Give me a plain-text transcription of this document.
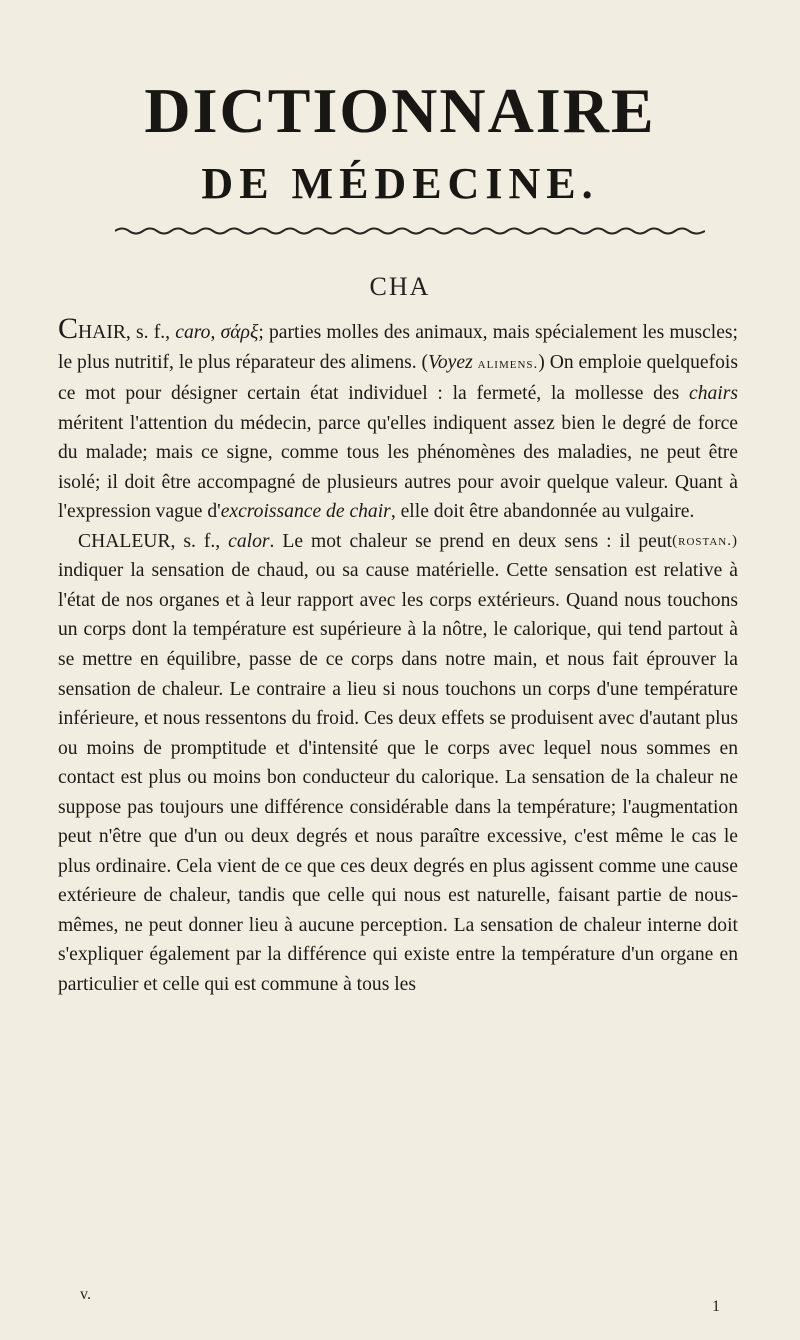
DICTIONNAIRE
DE MÉDECINE.
CHA

CHAIR, s. f., caro, σάρξ; parties molles des animaux, mais spécialement les muscles; le plus nutritif, le plus réparateur des alimens. (Voyez alimens.) On emploie quelquefois ce mot pour désigner certain état individuel : la fermeté, la mollesse des chairs méritent l'attention du médecin, parce qu'elles indiquent assez bien le degré de force du malade; mais ce signe, comme tous les phénomènes des maladies, ne peut être isolé; il doit être accompagné de plusieurs autres pour avoir quelque valeur. Quant à l'expression vague d'excroissance de chair, elle doit être abandonnée au vulgaire.
(rostan.)

CHALEUR, s. f., calor. Le mot chaleur se prend en deux sens : il peut indiquer la sensation de chaud, ou sa cause matérielle. Cette sensation est relative à l'état de nos organes et à leur rapport avec les corps extérieurs. Quand nous touchons un corps dont la température est supérieure à la nôtre, le calorique, qui tend partout à se mettre en équilibre, passe de ce corps dans notre main, et nous fait éprouver la sensation de chaleur. Le contraire a lieu si nous touchons un corps d'une température inférieure, et nous ressentons du froid. Ces deux effets se produisent avec d'autant plus ou moins de promptitude et d'intensité que le corps avec lequel nous sommes en contact est plus ou moins bon conducteur du calorique. La sensation de la chaleur ne suppose pas toujours une différence considérable dans la température; l'augmentation peut n'être que d'un ou deux degrés et nous paraître excessive, c'est même le cas le plus ordinaire. Cela vient de ce que ces deux degrés en plus agissent comme une cause extérieure de chaleur, tandis que celle qui nous est naturelle, faisant partie de nous-mêmes, ne peut donner lieu à aucune perception. La sensation de chaleur interne doit s'expliquer également par la différence qui existe entre la température d'un organe en particulier et celle qui est commune à tous les

v.
1
